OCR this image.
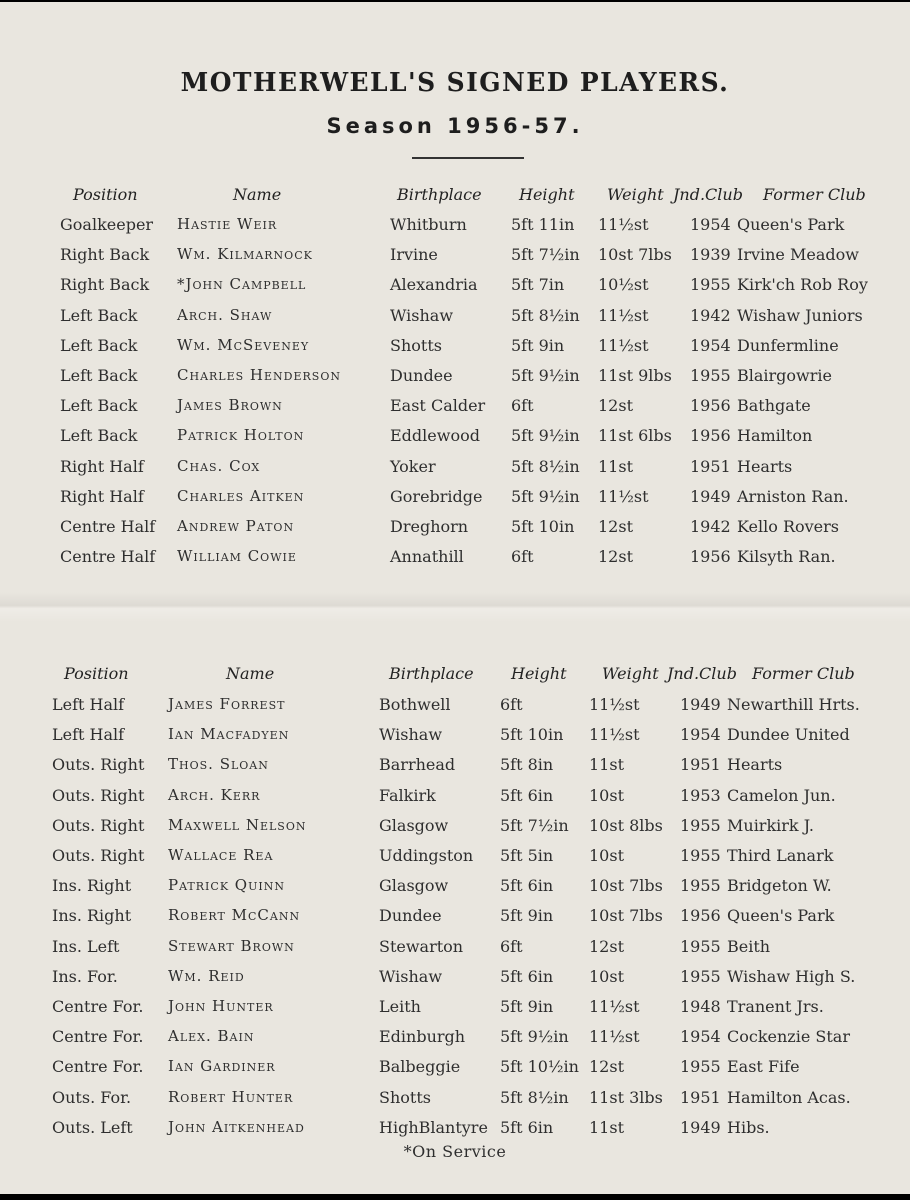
MOTHERWELL'S SIGNED PLAYERS.
Season 1956-57.
Position	Name	Birthplace Height Weight Jnd.Club Former Club
Goalkeeper Hastie Weir	Whitburn	5ft 11in 11½st	1954 Queen's Park
Right Back Wm. Kilmarnock	Irvine	5ft 7½in 10st 7lbs 1939 Irvine Meadow
Right Back *John Campbell	Alexandria 5ft 7in 10½st	1955 Kirk'ch Rob Roy
Left Back	Arch. Shaw	Wishaw	5ft 8½in 11½st	1942 Wishaw Juniors
Left Back	Wm. McSeveney	Shotts	5ft 9in 11½st	1954 Dunfermline
Left Back	Charles Henderson	Dundee	5ft 9½in 11st 9lbs 1955 Blairgowrie
Left Back	James Brown	East Calder 6ft	12st	1956 Bathgate
Left Back	Patrick Holton	Eddlewood 5ft 9½in 11st 6lbs 1956 Hamilton
Right Half Chas. Cox	Yoker	5ft 8½in 11st	1951 Hearts
Right Half Charles Aitken	Gorebridge 5ft 9½in 11½st	1949 Arniston Ran.
Centre Half Andrew Paton	Dreghorn	5ft 10in 12st	1942 Kello Rovers
Centre Half William Cowie	Annathill	6ft	12st	1956 Kilsyth Ran.
Position	Name	Birthplace Height Weight Jnd.Club Former Club
Left Half	James Forrest	Bothwell	6ft	11½st	1949 Newarthill Hrts.
Left Half	Ian Macfadyen	Wishaw	5ft 10in 11½st	1954 Dundee United
Outs. Right Thos. Sloan	Barrhead	5ft 8in 11st	1951 Hearts
Outs. Right Arch. Kerr	Falkirk	5ft 6in 10st	1953 Camelon Jun.
Outs. Right Maxwell Nelson	Glasgow	5ft 7½in 10st 8lbs 1955 Muirkirk J.
Outs. Right Wallace Rea	Uddingston 5ft 5in 10st	1955 Third Lanark
Ins. Right Patrick Quinn	Glasgow	5ft 6in 10st 7lbs 1955 Bridgeton W.
Ins. Right Robert McCann	Dundee	5ft 9in 10st 7lbs 1956 Queen's Park
Ins. Left	Stewart Brown	Stewarton 6ft	12st	1955 Beith
Ins. For.	Wm. Reid	Wishaw	5ft 6in 10st	1955 Wishaw High S.
Centre For. John Hunter	Leith	5ft 9in 11½st	1948 Tranent Jrs.
Centre For. Alex. Bain	Edinburgh 5ft 9½in 11½st	1954 Cockenzie Star
Centre For. Ian Gardiner	Balbeggie 5ft 10½in 12st	1955 East Fife
Outs. For. Robert Hunter	Shotts	5ft 8½in 11st 3lbs 1951 Hamilton Acas.
Outs. Left John Aitkenhead	HighBlantyre 5ft 6in 11st	1949 Hibs.
*On Service
